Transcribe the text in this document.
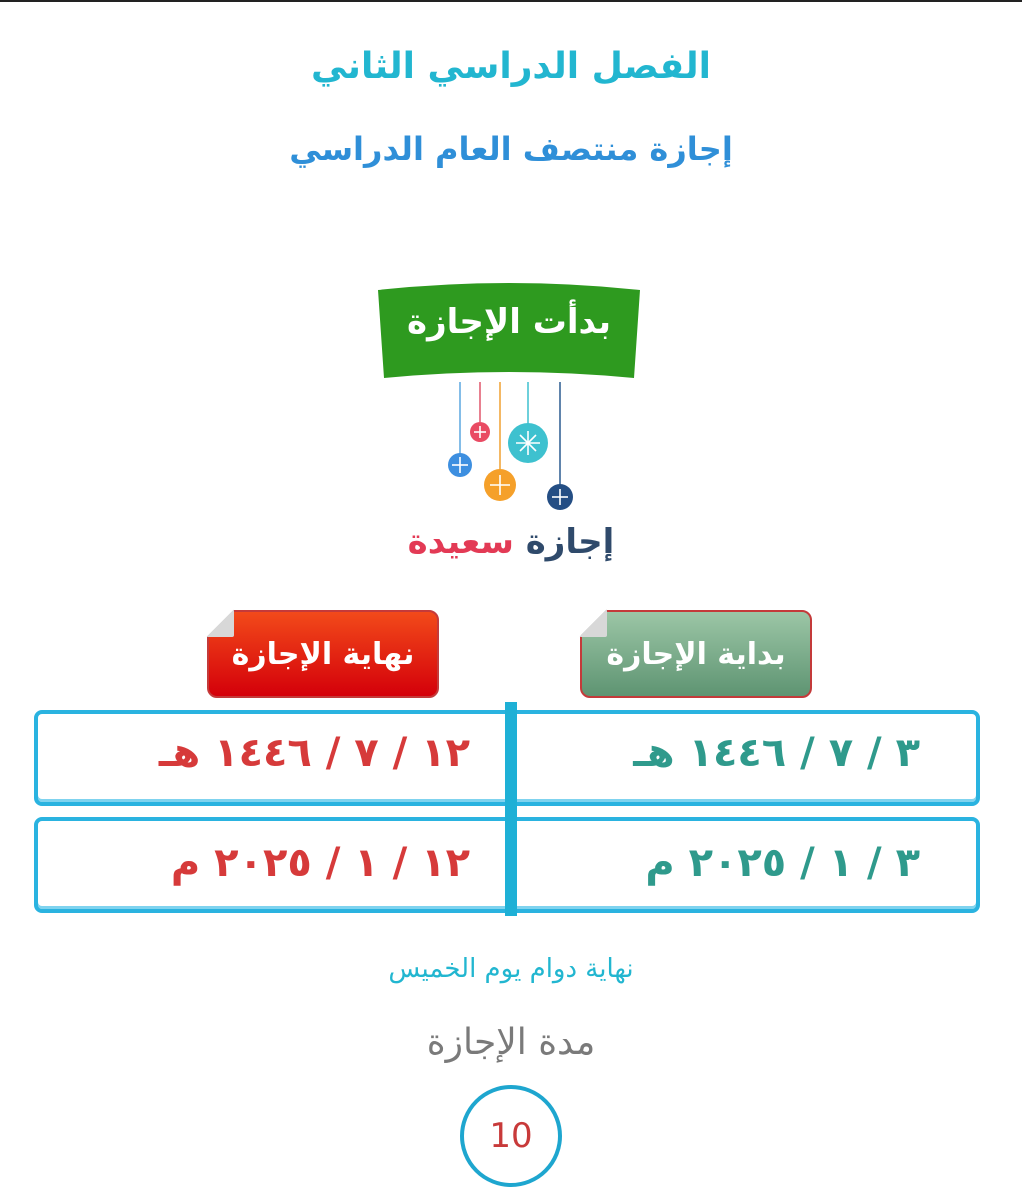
الفصل الدراسي الثاني
إجازة منتصف العام الدراسي
بدأت الإجازة
إجازة سعيدة
بداية الإجازة
نهاية الإجازة
٣ / ٧ / ١٤٤٦ هـ
١٢ / ٧ / ١٤٤٦ هـ
٣ / ١ / ٢٠٢٥ م
١٢ / ١ / ٢٠٢٥ م
نهاية دوام يوم الخميس
مدة الإجازة
10
